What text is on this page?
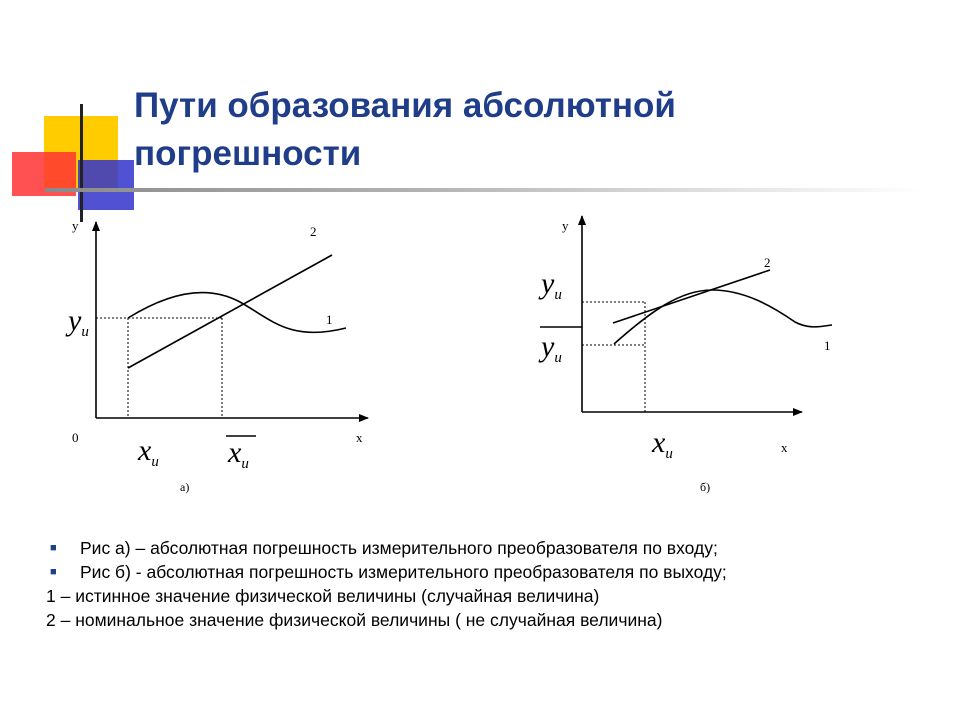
Пути образования абсолютной погрешности
у
х
0
1
2
$у_и$
$х_и$ $х_и$
а)
у
х
2
1
$у_и$
$у_и$
$х_и$
б)
■ Рис а) – абсолютная погрешность измерительного преобразователя по входу;
■ Рис б) - абсолютная погрешность измерительного преобразователя по выходу;
1 – истинное значение физической величины (случайная величина)
2 – номинальное значение физической величины ( не случайная величина)
